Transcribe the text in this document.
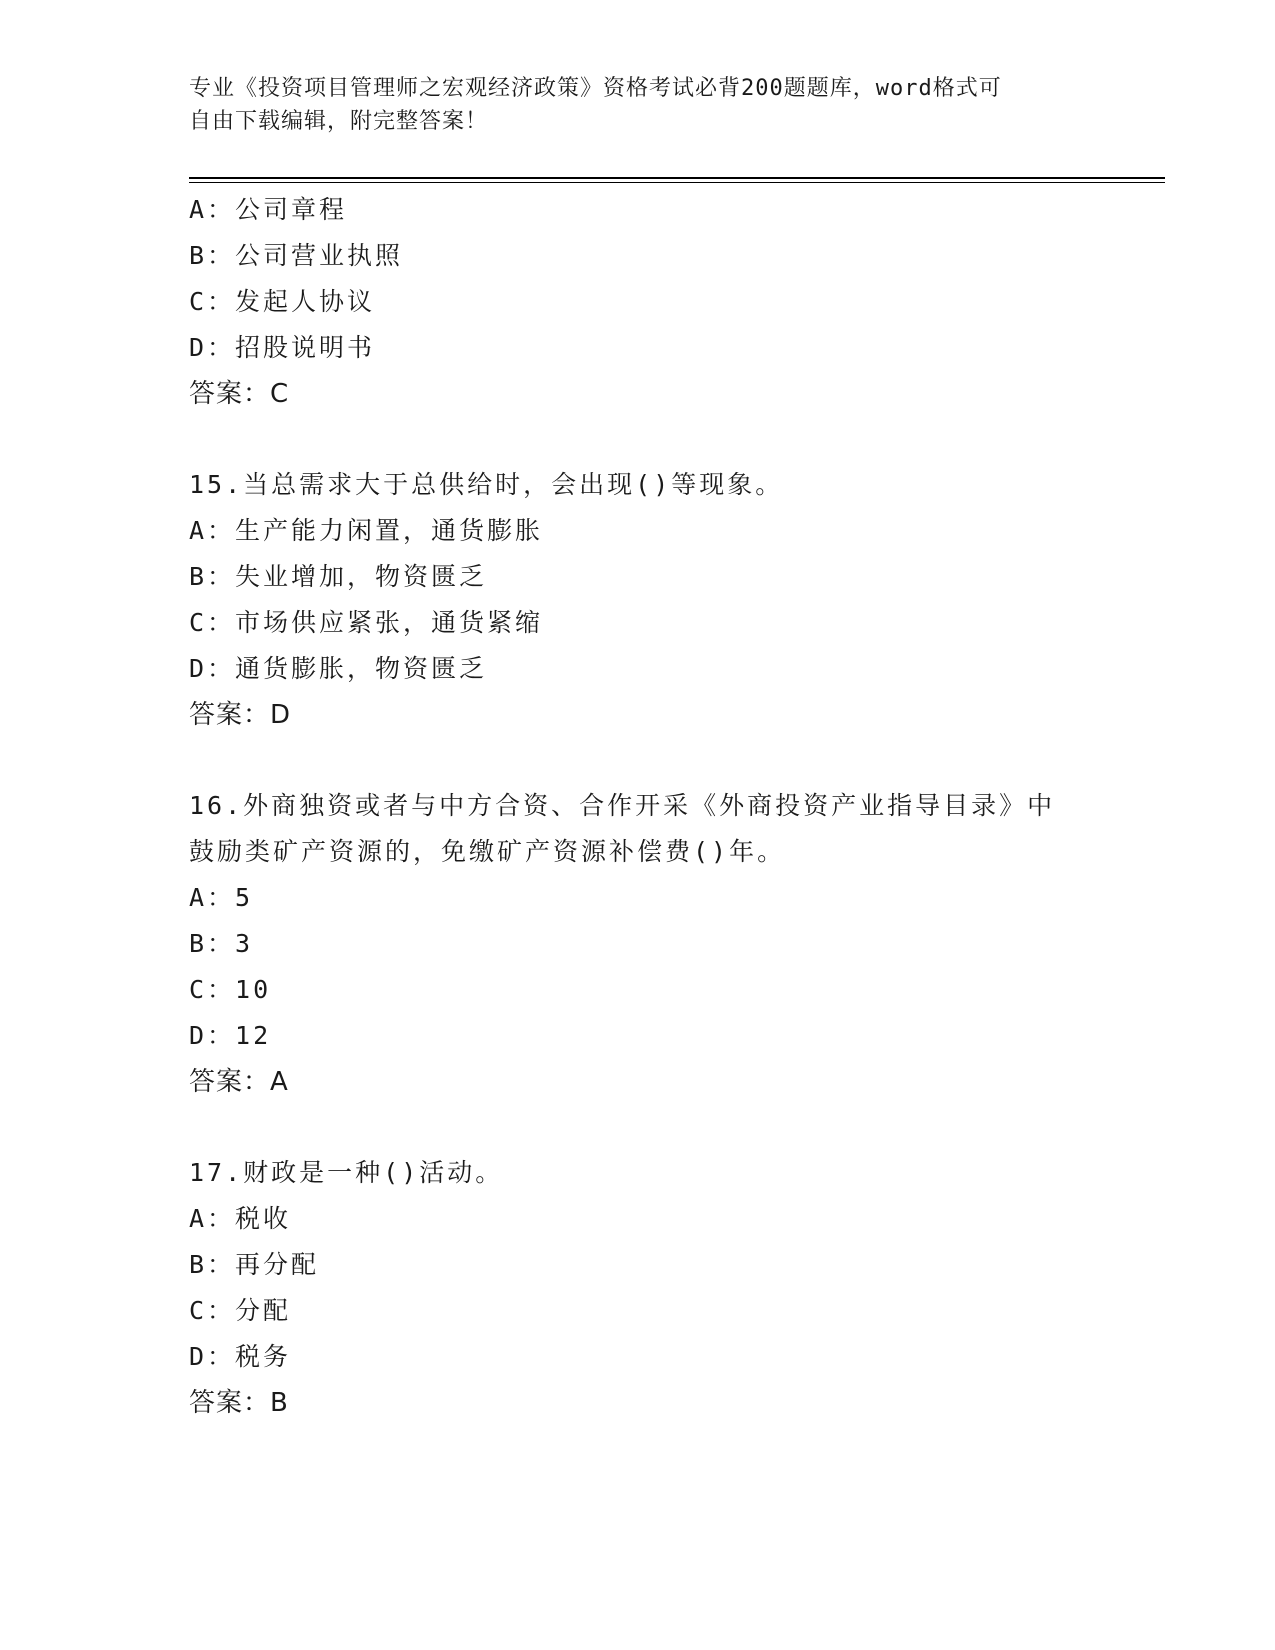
专业《投资项目管理师之宏观经济政策》资格考试必背200题题库，word格式可
自由下载编辑，附完整答案！
A：公司章程
B：公司营业执照
C：发起人协议
D：招股说明书
答案：C
15.当总需求大于总供给时，会出现()等现象。
A：生产能力闲置，通货膨胀
B：失业增加，物资匮乏
C：市场供应紧张，通货紧缩
D：通货膨胀，物资匮乏
答案：D
16.外商独资或者与中方合资、合作开采《外商投资产业指导目录》中
鼓励类矿产资源的，免缴矿产资源补偿费()年。
A：5
B：3
C：10
D：12
答案：A
17.财政是一种()活动。
A：税收
B：再分配
C：分配
D：税务
答案：B
